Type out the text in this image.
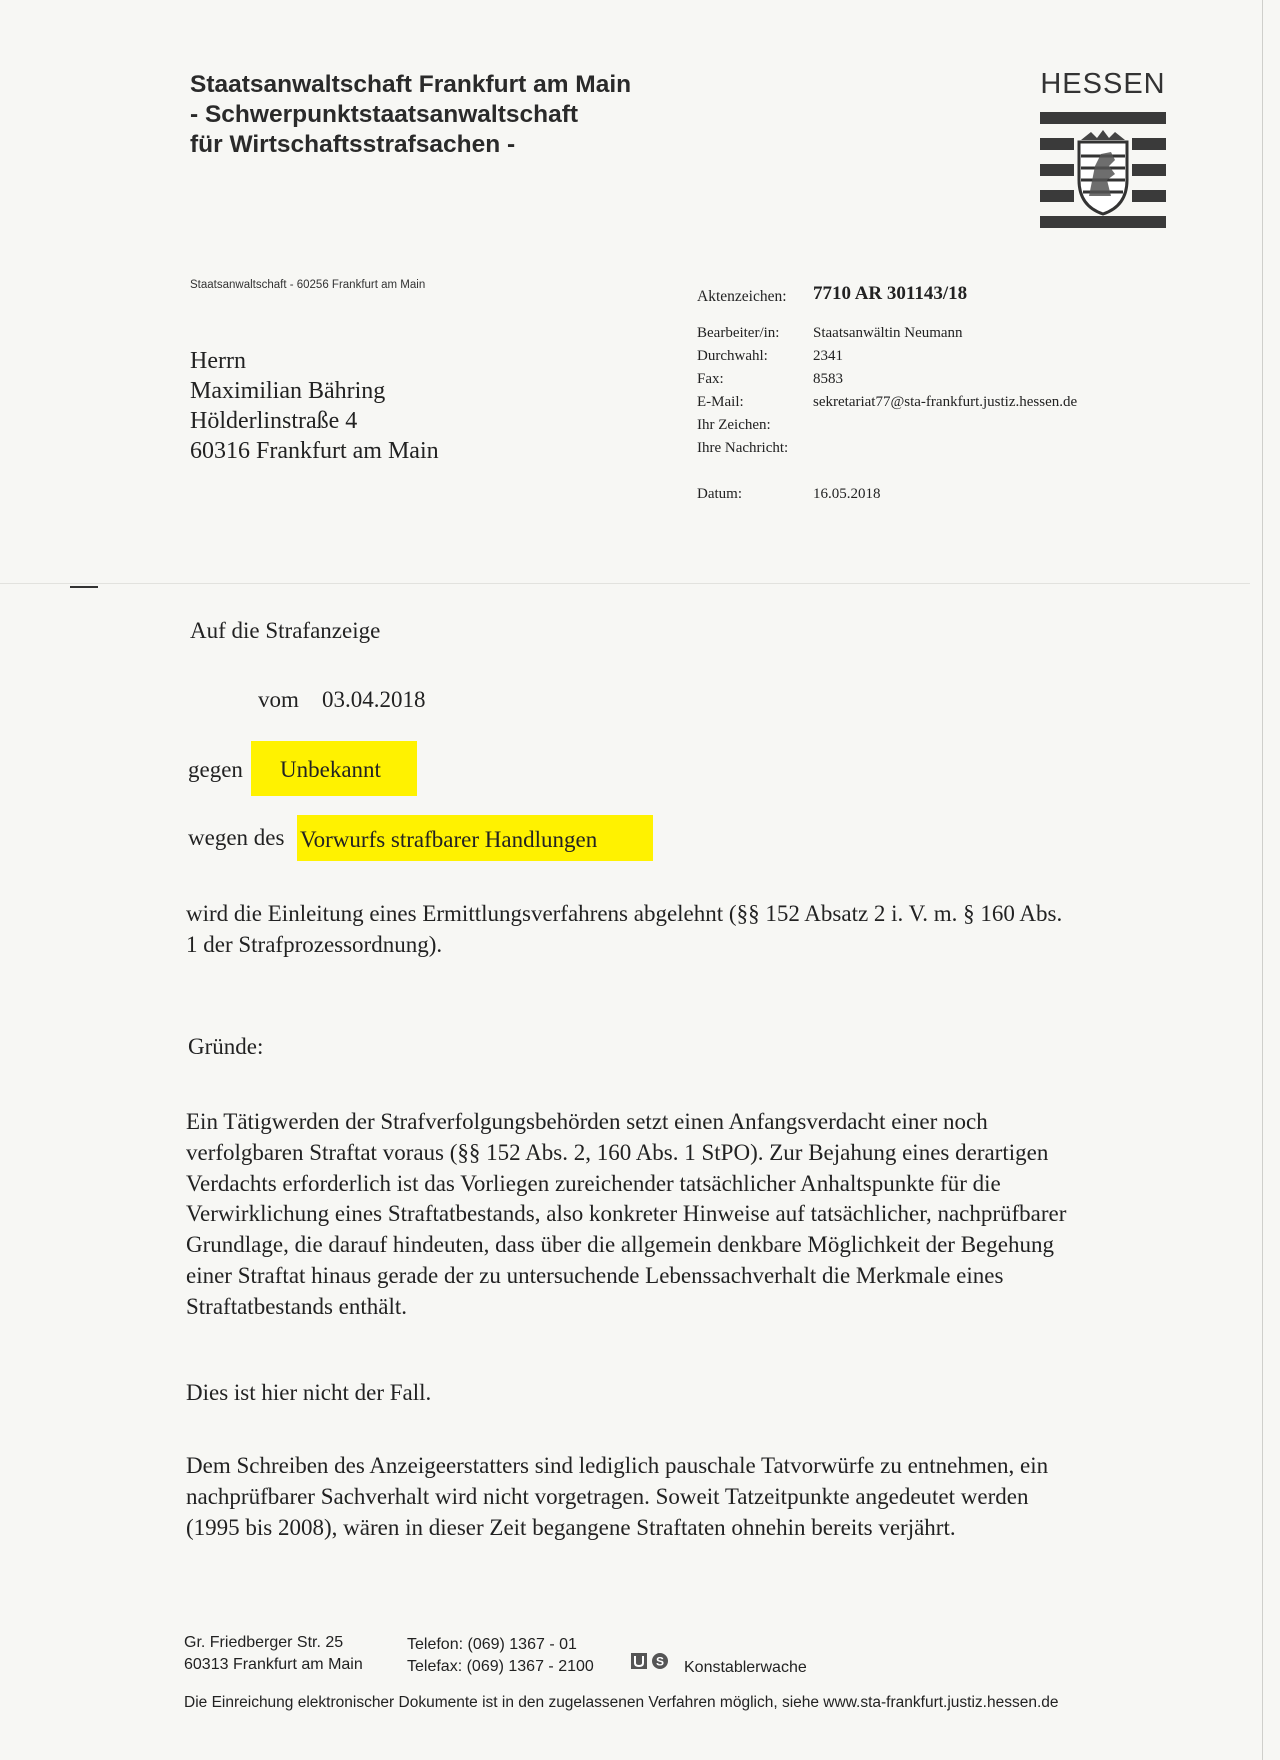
Staatsanwaltschaft Frankfurt am Main
- Schwerpunktstaatsanwaltschaft
für Wirtschaftsstrafsachen -
HESSEN
Staatsanwaltschaft - 60256 Frankfurt am Main
Herrn
Maximilian Bähring
Hölderlinstraße 4
60316 Frankfurt am Main
Aktenzeichen: 7710 AR 301143/18
Bearbeiter/in: Staatsanwältin Neumann
Durchwahl:	2341
Fax:	8583
E-Mail:	sekretariat77@sta-frankfurt.justiz.hessen.de
Ihr Zeichen:
Ihre Nachricht:
Datum:	16.05.2018
Auf die Strafanzeige
vom 03.04.2018
gegen Unbekannt
wegen des Vorwurfs strafbarer Handlungen
wird die Einleitung eines Ermittlungsverfahrens abgelehnt (§§ 152 Absatz 2 i. V. m. § 160 Abs.
1 der Strafprozessordnung).
Gründe:
Ein Tätigwerden der Strafverfolgungsbehörden setzt einen Anfangsverdacht einer noch
verfolgbaren Straftat voraus (§§ 152 Abs. 2, 160 Abs. 1 StPO). Zur Bejahung eines derartigen
Verdachts erforderlich ist das Vorliegen zureichender tatsächlicher Anhaltspunkte für die
Verwirklichung eines Straftatbestands, also konkreter Hinweise auf tatsächlicher, nachprüfbarer
Grundlage, die darauf hindeuten, dass über die allgemein denkbare Möglichkeit der Begehung
einer Straftat hinaus gerade der zu untersuchende Lebenssachverhalt die Merkmale eines
Straftatbestands enthält.
Dies ist hier nicht der Fall.
Dem Schreiben des Anzeigeerstatters sind lediglich pauschale Tatvorwürfe zu entnehmen, ein
nachprüfbarer Sachverhalt wird nicht vorgetragen. Soweit Tatzeitpunkte angedeutet werden
(1995 bis 2008), wären in dieser Zeit begangene Straftaten ohnehin bereits verjährt.
Gr. Friedberger Str. 25
60313 Frankfurt am Main
Telefon: (069) 1367 - 01
Telefax: (069) 1367 - 2100	S Konstablerwache
Die Einreichung elektronischer Dokumente ist in den zugelassenen Verfahren möglich, siehe www.sta-frankfurt.justiz.hessen.de
